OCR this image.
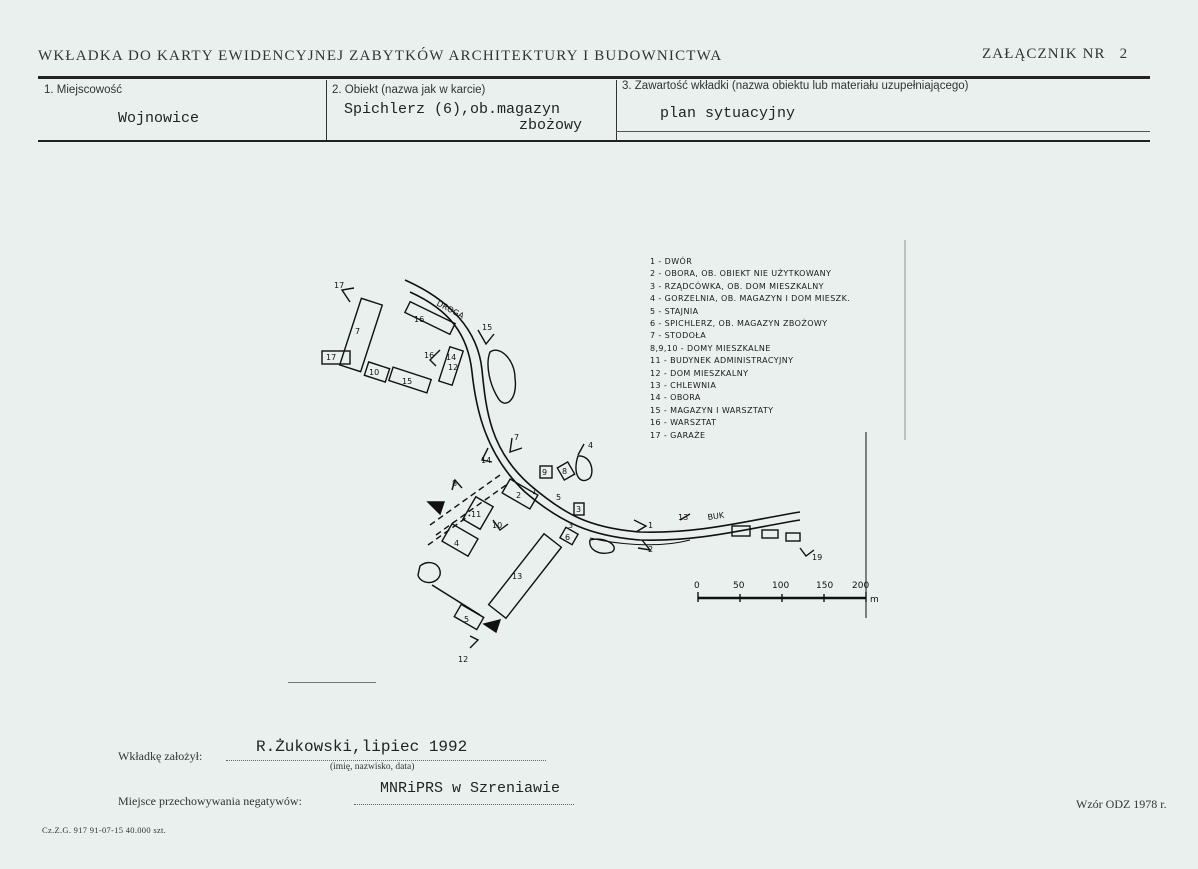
WKŁADKA DO KARTY EWIDENCYJNEJ ZABYTKÓW ARCHITEKTURY I BUDOWNICTWA	ZAŁĄCZNIK NR 2
1. Miejscowość
Wojnowice
2. Obiekt (nazwa jak w karcie)
Spichlerz (6),ob.magazyn
zbożowy
3. Zawartość wkładki (nazwa obiektu lub materiału uzupełniającego)
plan sytuacyjny
1 - DWÓR
2 - OBORA, OB. OBIEKT NIE UŻYTKOWANY
3 - RZĄDCÓWKA, OB. DOM MIESZKALNY
4 - GORZELNIA, OB. MAGAZYN I DOM MIESZK.
5 - STAJNIA
6 - SPICHLERZ, OB. MAGAZYN ZBOŻOWY
7 - STODOŁA
8,9,10 - DOMY MIESZKALNE
11 - BUDYNEK ADMINISTRACYJNY
12 - DOM MIESZKALNY
13 - CHLEWNIA
14 - OBORA
15 - MAGAZYN I WARSZTATY
16 - WARSZTAT
17 - GARAŻE
7
17
16
12
15
10
9 8
4
11
3
2 1
13
5
6
14
17
16
15
14
7
4
8
1
2
13
19
10
12
5
3
DROGA
BUK
0	50	100	150 200
m
Wkładkę założył:	R.Żukowski,lipiec 1992
(imię, nazwisko, data)
Miejsce przechowywania negatywów:
MNRiPRS w Szreniawie
Wzór ODZ 1978 r.
Cz.Z.G. 917 91-07-15 40.000 szt.
